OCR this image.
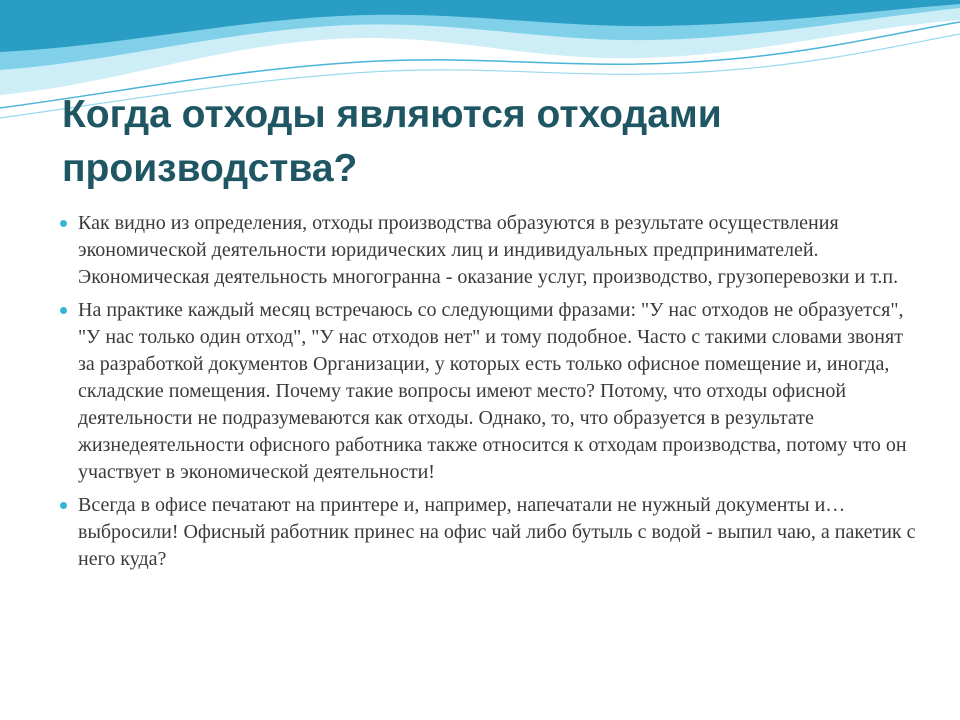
Когда отходы являются отходами производства?
Как видно из определения, отходы производства образуются в результате осуществления экономической деятельности юридических лиц и индивидуальных предпринимателей. Экономическая деятельность многогранна - оказание услуг, производство, грузоперевозки и т.п.
На практике каждый месяц встречаюсь со следующими фразами: "У нас отходов не образуется", "У нас только один отход", "У нас отходов нет" и тому подобное. Часто с такими словами звонят за разработкой документов Организации, у которых есть только офисное помещение и, иногда, складские помещения. Почему такие вопросы имеют место? Потому, что отходы офисной деятельности не подразумеваются как отходы. Однако, то, что образуется в результате жизнедеятельности офисного работника также относится к отходам производства, потому что он участвует в экономической деятельности!
Всегда в офисе печатают на принтере и, например, напечатали не нужный документы и… выбросили! Офисный работник принес на офис чай либо бутыль с водой - выпил чаю, а пакетик с него куда?
